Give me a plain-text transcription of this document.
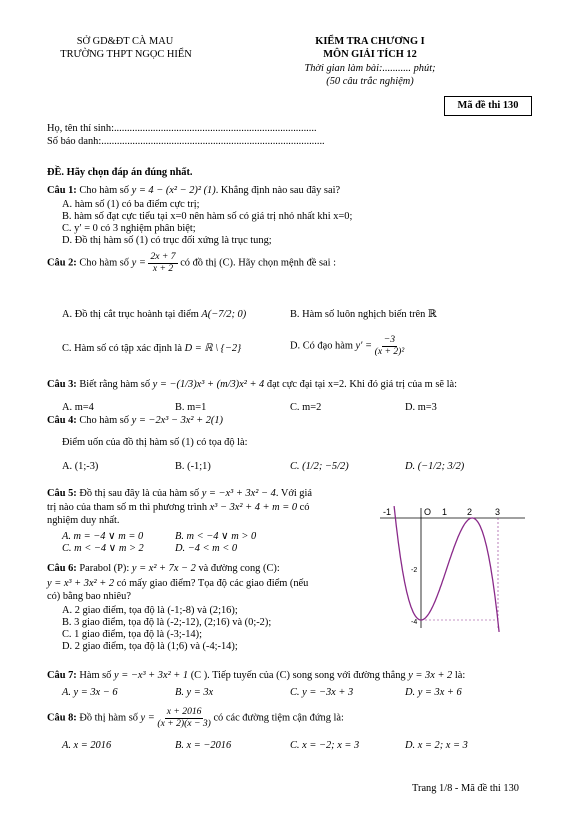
SỞ GD&ĐT CÀ MAU
TRƯỜNG THPT NGỌC HIỂN
KIỂM TRA CHƯƠNG I
MÔN GIẢI TÍCH 12
Thời gian làm bài:........... phút;
(50 câu trắc nghiệm)
Mã đề thi 130
Họ, tên thí sinh:..............................................................................
Số báo danh:......................................................................................
ĐỀ. Hãy chọn đáp án đúng nhất.
Câu 1: Cho hàm số y = 4 − (x² − 2)² (1). Khẳng định nào sau đây sai?
A. hàm số (1) có ba điểm cực trị;
B. hàm số đạt cực tiểu tại x=0 nên hàm số có giá trị nhỏ nhất khi x=0;
C. y′ = 0 có 3 nghiệm phân biệt;
D. Đồ thị hàm số (1) có trục đối xứng là trục tung;
Câu 2: Cho hàm số $y = \frac{2x + 7}{x + 2}$ có đồ thị (C). Hãy chọn mệnh đề sai :
A. Đồ thị cắt trục hoành tại điểm A(−7/2; 0)	B. Hàm số luôn nghịch biến trên ℝ
C. Hàm số có tập xác định là D = ℝ \ {−2}	D. Có đạo hàm $y' = \frac{-3}{\text{(x + 2)²}}$
Câu 3: Biết rằng hàm số y = −(1/3)x³ + (m/3)x² + 4 đạt cực đại tại x=2. Khi đó giá trị của m sẽ là:
A. m=4	B. m=1	C. m=2	D. m=3
Câu 4: Cho hàm số y = −2x³ − 3x² + 2(1)
Điểm uốn của đồ thị hàm số (1) có tọa độ là:
A. (1;-3)	B. (-1;1)	C. (1/2; −5/2)	D. (−1/2; 3/2)
Câu 5: Đồ thị sau đây là của hàm số y = −x³ + 3x² − 4. Với giá
trị nào của tham số m thì phương trình x³ − 3x² + 4 + m = 0 có
nghiệm duy nhất.
A. m = −4 ∨ m = 0	B. m < −4 ∨ m > 0
C. m < −4 ∨ m > 2	D. −4 < m < 0
Câu 6: Parabol (P): y = x² + 7x − 2 và đường cong (C):
y = x³ + 3x² + 2 có mấy giao điểm? Tọa độ các giao điểm (nếu
có) bằng bao nhiêu?
A. 2 giao điểm, tọa độ là (-1;-8) và (2;16);
B. 3 giao điểm, tọa độ là (-2;-12), (2;16) và (0;-2);
C. 1 giao điểm, tọa độ là (-3;-14);
D. 2 giao điểm, tọa độ là (1;6) và (-4;-14);
-1	O 1 2	3
-2
-4
Câu 7: Hàm số y = −x³ + 3x² + 1 (C ). Tiếp tuyến của (C) song song với đường thẳng y = 3x + 2 là:
A. y = 3x − 6	B. y = 3x	C. y = −3x + 3	D. y = 3x + 6
Câu 8: Đồ thị hàm số $y = \frac{x + 2016}{(x + 2)(x - 3)}$ có các đường tiệm cận đứng là:
A. x = 2016	B. x = −2016	C. x = −2; x = 3	D. x = 2; x = 3
Trang 1/8 - Mã đề thi 130
